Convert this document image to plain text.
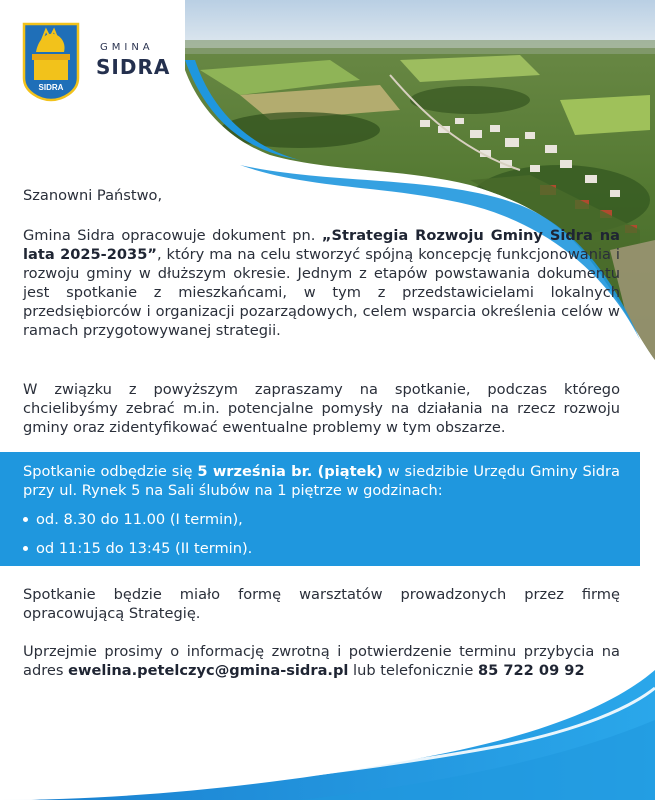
SIDRA
GMINA
SIDRA
Szanowni Państwo,
Gmina Sidra opracowuje dokument pn. „Strategia Rozwoju Gminy Sidra na lata 2025-2035”, który ma na celu stworzyć spójną koncepcję funkcjonowania i rozwoju gminy w dłuższym okresie. Jednym z etapów powstawania dokumentu jest spotkanie z mieszkańcami, w tym z przedstawicielami lokalnych przedsiębiorców i organizacji pozarządowych, celem wsparcia określenia celów w ramach przygotowywanej strategii.
W związku z powyższym zapraszamy na spotkanie, podczas którego chcielibyśmy zebrać m.in. potencjalne pomysły na działania na rzecz rozwoju gminy oraz zidentyfikować ewentualne problemy w tym obszarze.
Spotkanie odbędzie się 5 września br. (piątek) w siedzibie Urzędu Gminy Sidra przy ul. Rynek 5 na Sali ślubów na 1 piętrze w godzinach:
od. 8.30 do 11.00 (I termin),
od 11:15 do 13:45 (II termin).
Spotkanie będzie miało formę warsztatów prowadzonych przez firmę opracowującą Strategię.
Uprzejmie prosimy o informację zwrotną i potwierdzenie terminu przybycia na adres ewelina.petelczyc@gmina-sidra.pl lub telefonicznie 85 722 09 92
